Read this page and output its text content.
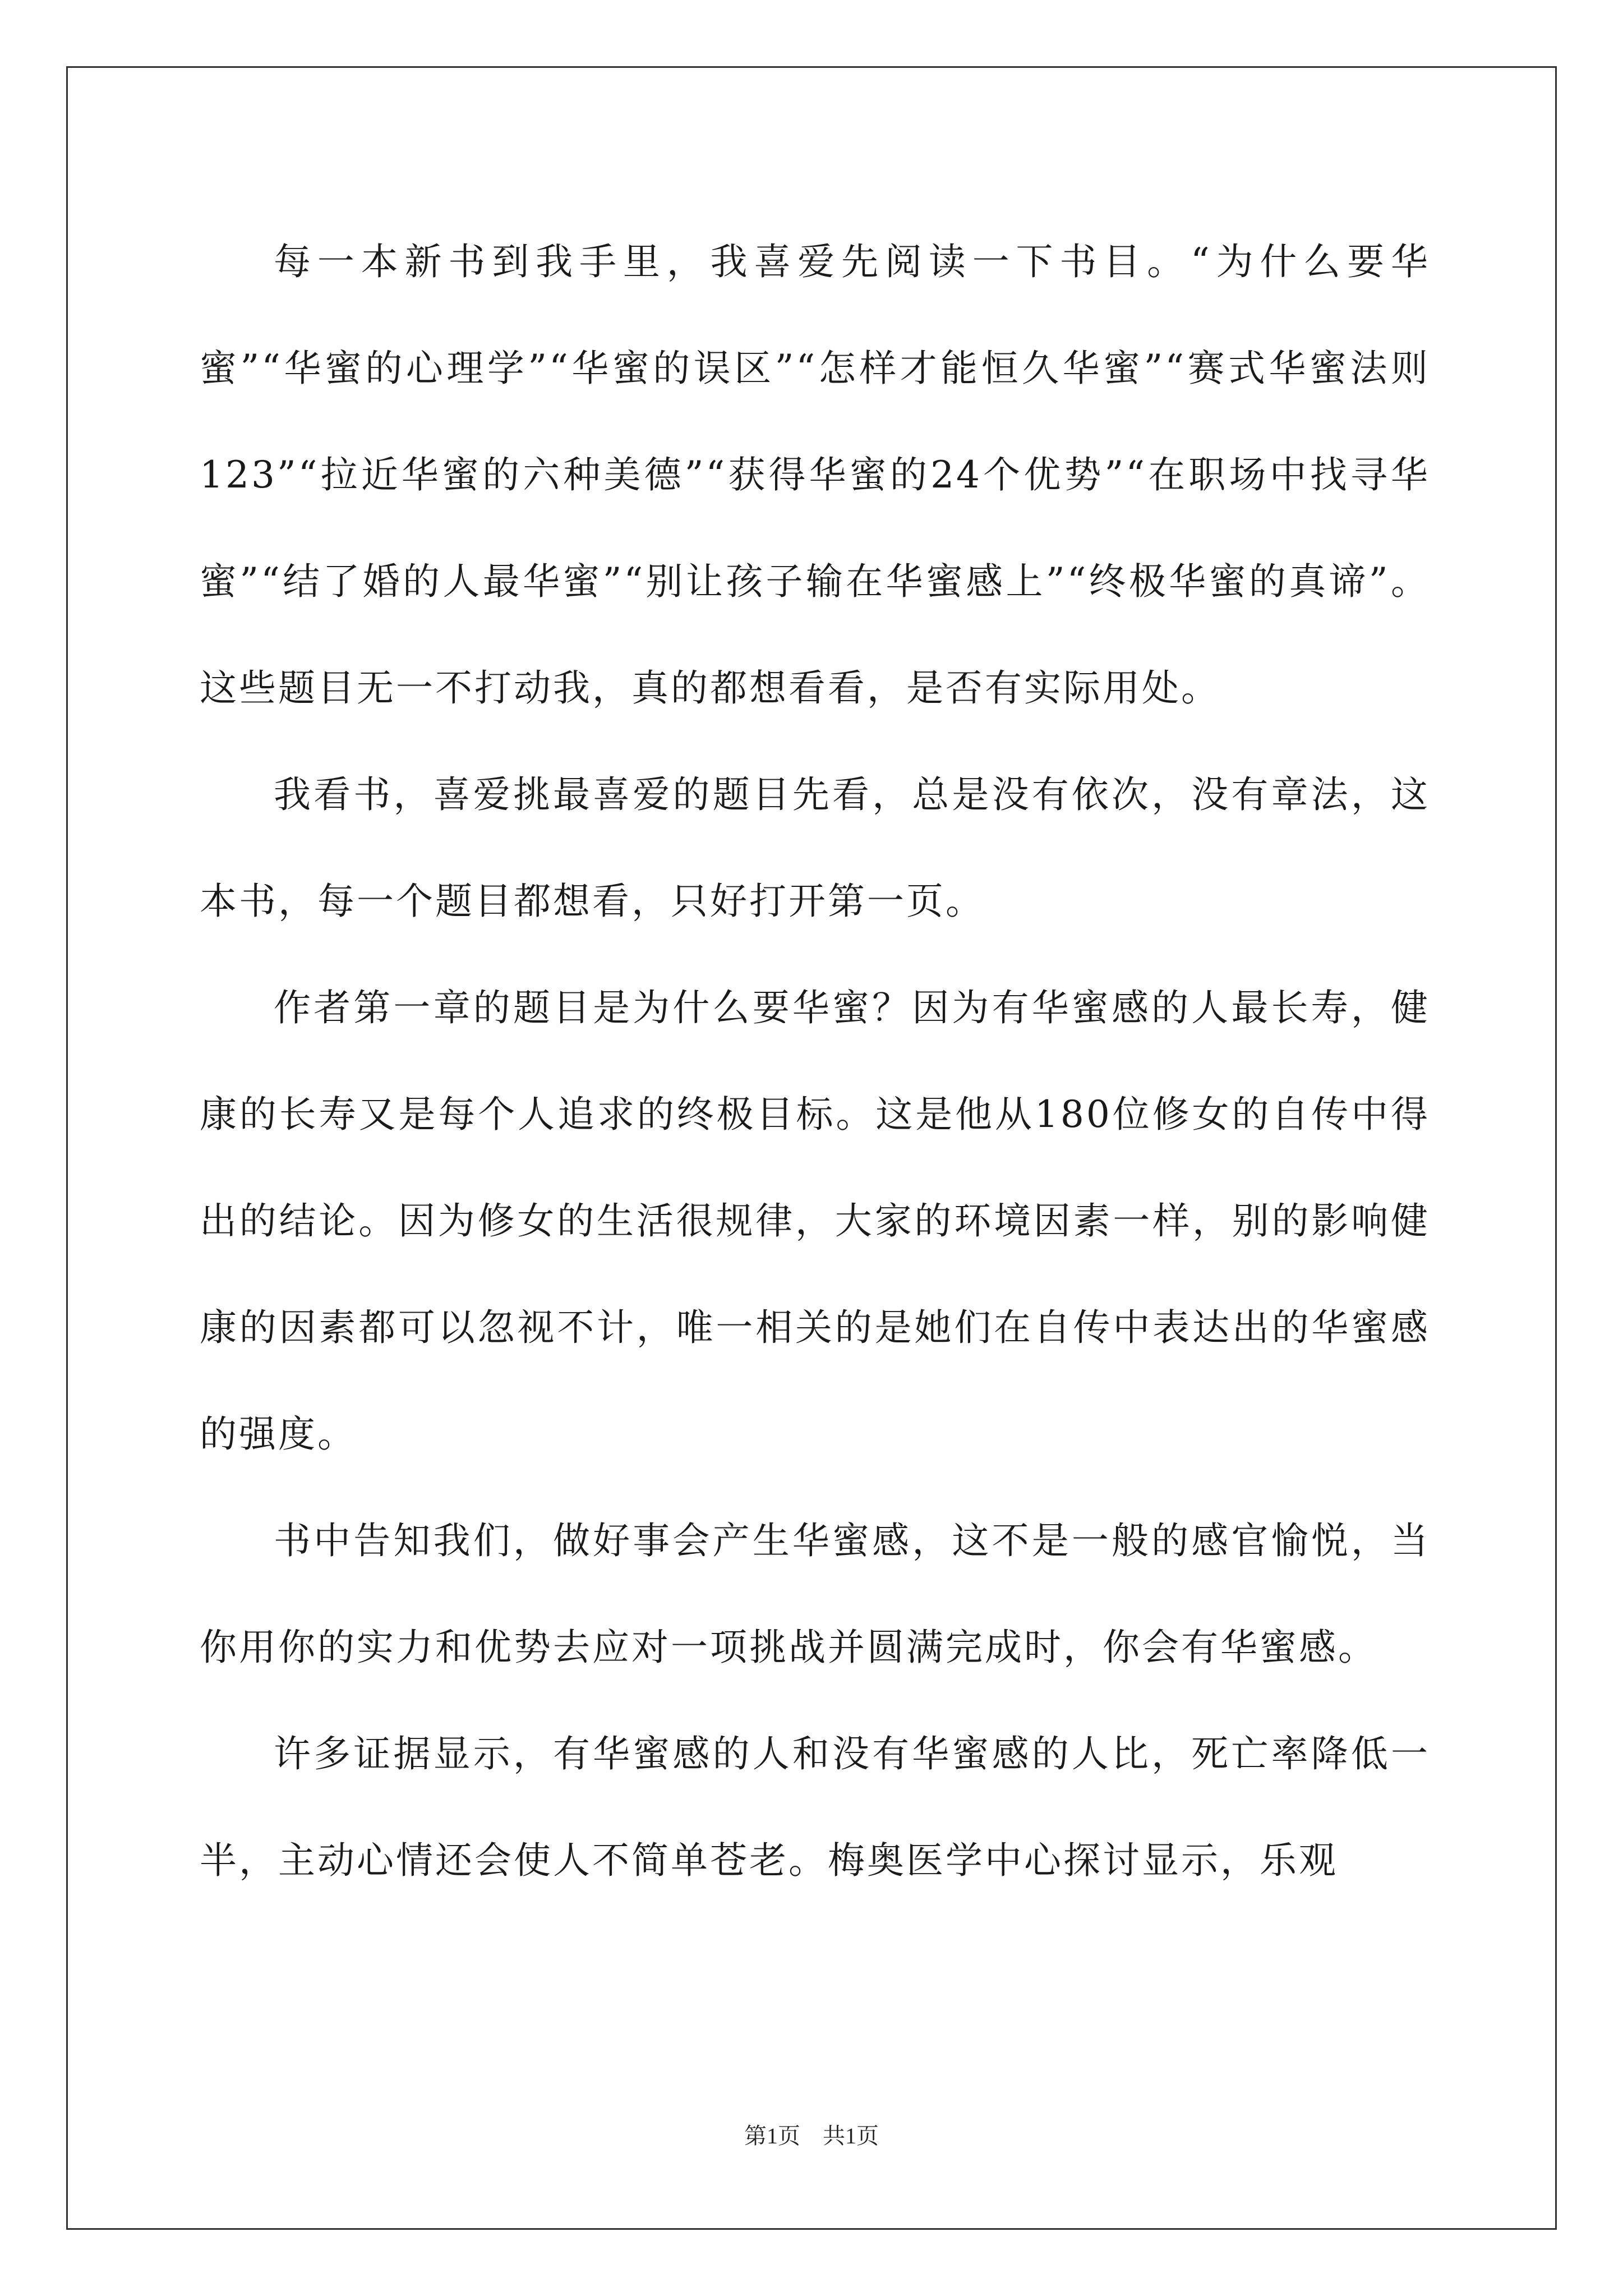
每一本新书到我手里，我喜爱先阅读一下书目。“为什么要华蜜”“华蜜的心理学”“华蜜的误区”“怎样才能恒久华蜜”“赛式华蜜法则123”“拉近华蜜的六种美德”“获得华蜜的24个优势”“在职场中找寻华蜜”“结了婚的人最华蜜”“别让孩子输在华蜜感上”“终极华蜜的真谛”。这些题目无一不打动我，真的都想看看，是否有实际用处。

我看书，喜爱挑最喜爱的题目先看，总是没有依次，没有章法，这本书，每一个题目都想看，只好打开第一页。

作者第一章的题目是为什么要华蜜？因为有华蜜感的人最长寿，健康的长寿又是每个人追求的终极目标。这是他从180位修女的自传中得出的结论。因为修女的生活很规律，大家的环境因素一样，别的影响健康的因素都可以忽视不计，唯一相关的是她们在自传中表达出的华蜜感的强度。

书中告知我们，做好事会产生华蜜感，这不是一般的感官愉悦，当你用你的实力和优势去应对一项挑战并圆满完成时，你会有华蜜感。

许多证据显示，有华蜜感的人和没有华蜜感的人比，死亡率降低一半，主动心情还会使人不简单苍老。梅奥医学中心探讨显示，乐观

第1页 共1页
